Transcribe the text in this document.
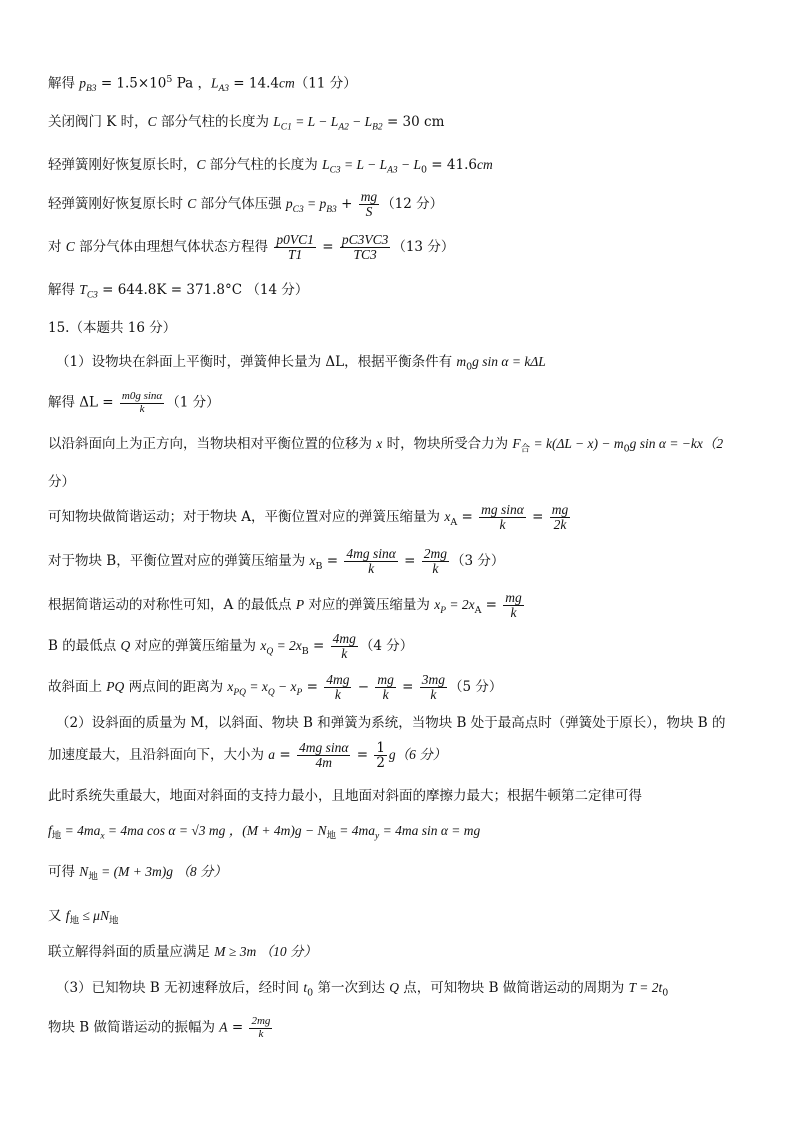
解得 $p_{B3} = 1.5\times 10^5$ Pa ，$L_{A3} = 14.4cm(11$ 分）
关闭阀门 K 时，C 部分气柱的长度为 $L_{C1} = L - L_{A2} - L_{B2} = 30$ cm
轻弹簧刚好恢复原长时，C 部分气柱的长度为 $L_{C3} = L - L_{A3} - L_0 = 41.6cm$
轻弹簧刚好恢复原长时 C 部分气体压强 $p_{C3} = p_{B3} + \frac{mg}{S} (12$ 分）
对 C 部分气体由理想气体状态方程得 $\frac{p0VC1}{T1} = \frac{pC3VC3}{TC3} (13$ 分）
解得 $T_{C3} = 644.8K = 371.8^\circ C$ （14 分）
15.（本题共 16 分）
（1）设物块在斜面上平衡时，弹簧伸长量为 ΔL，根据平衡条件有 $m_0g$ sin α = kΔL
解得 $\Delta L = \frac{\text{m0g sinα}}{k} (1$ 分）
以沿斜面向上为正方向，当物块相对平衡位置的位移为 x 时，物块所受合力为 $F_合 = k(\Delta L - x) - m_0g$ sin α = −kx（2
分）
可知物块做简谐运动；对于物块 A，平衡位置对应的弹簧压缩量为 $x_A = \frac{\text{mg sinα}}{k} = \frac{mg}{2k}$
对于物块 B，平衡位置对应的弹簧压缩量为 $x_B = \frac{\text{4mg sinα}}{k} = \frac{2mg}{k} (3$ 分）
根据简谐运动的对称性可知，A 的最低点 P 对应的弹簧压缩量为 $x_P = 2x_A = \frac{mg}{k}$
B 的最低点 Q 对应的弹簧压缩量为 $x_Q = 2x_B = \frac{4mg}{k} (4$ 分）
故斜面上 PQ 两点间的距离为 $x_{PQ} = x_Q - x_P = \frac{4mg}{k} - \frac{mg}{k} = \frac{3mg}{k} (5$ 分）
（2）设斜面的质量为 M，以斜面、物块 B 和弹簧为系统，当物块 B 处于最高点时（弹簧处于原长），物块 B 的
加速度最大，且沿斜面向下，大小为 $a = \frac{\text{4mg sinα}}{4m} = \frac{1}{2} g(6$ 分）
此时系统失重最大，地面对斜面的支持力最小，且地面对斜面的摩擦力最大；根据牛顿第二定律可得
$f_地 = 4ma_x = 4ma$ cos α = √3 mg ，$(M + 4m)g - N_地 = 4ma_y = 4ma$ sin α = mg
可得 $N_地 = (M + 3m)g$ （8 分）
又 $f_地 \le \mu N_地$
联立解得斜面的质量应满足 M ≥ 3m （10 分）
（3）已知物块 B 无初速释放后，经时间 $t_0$ 第一次到达 Q 点，可知物块 B 做简谐运动的周期为 $T = 2t_0$
物块 B 做简谐运动的振幅为 $A = \frac{2mg}{k}$
